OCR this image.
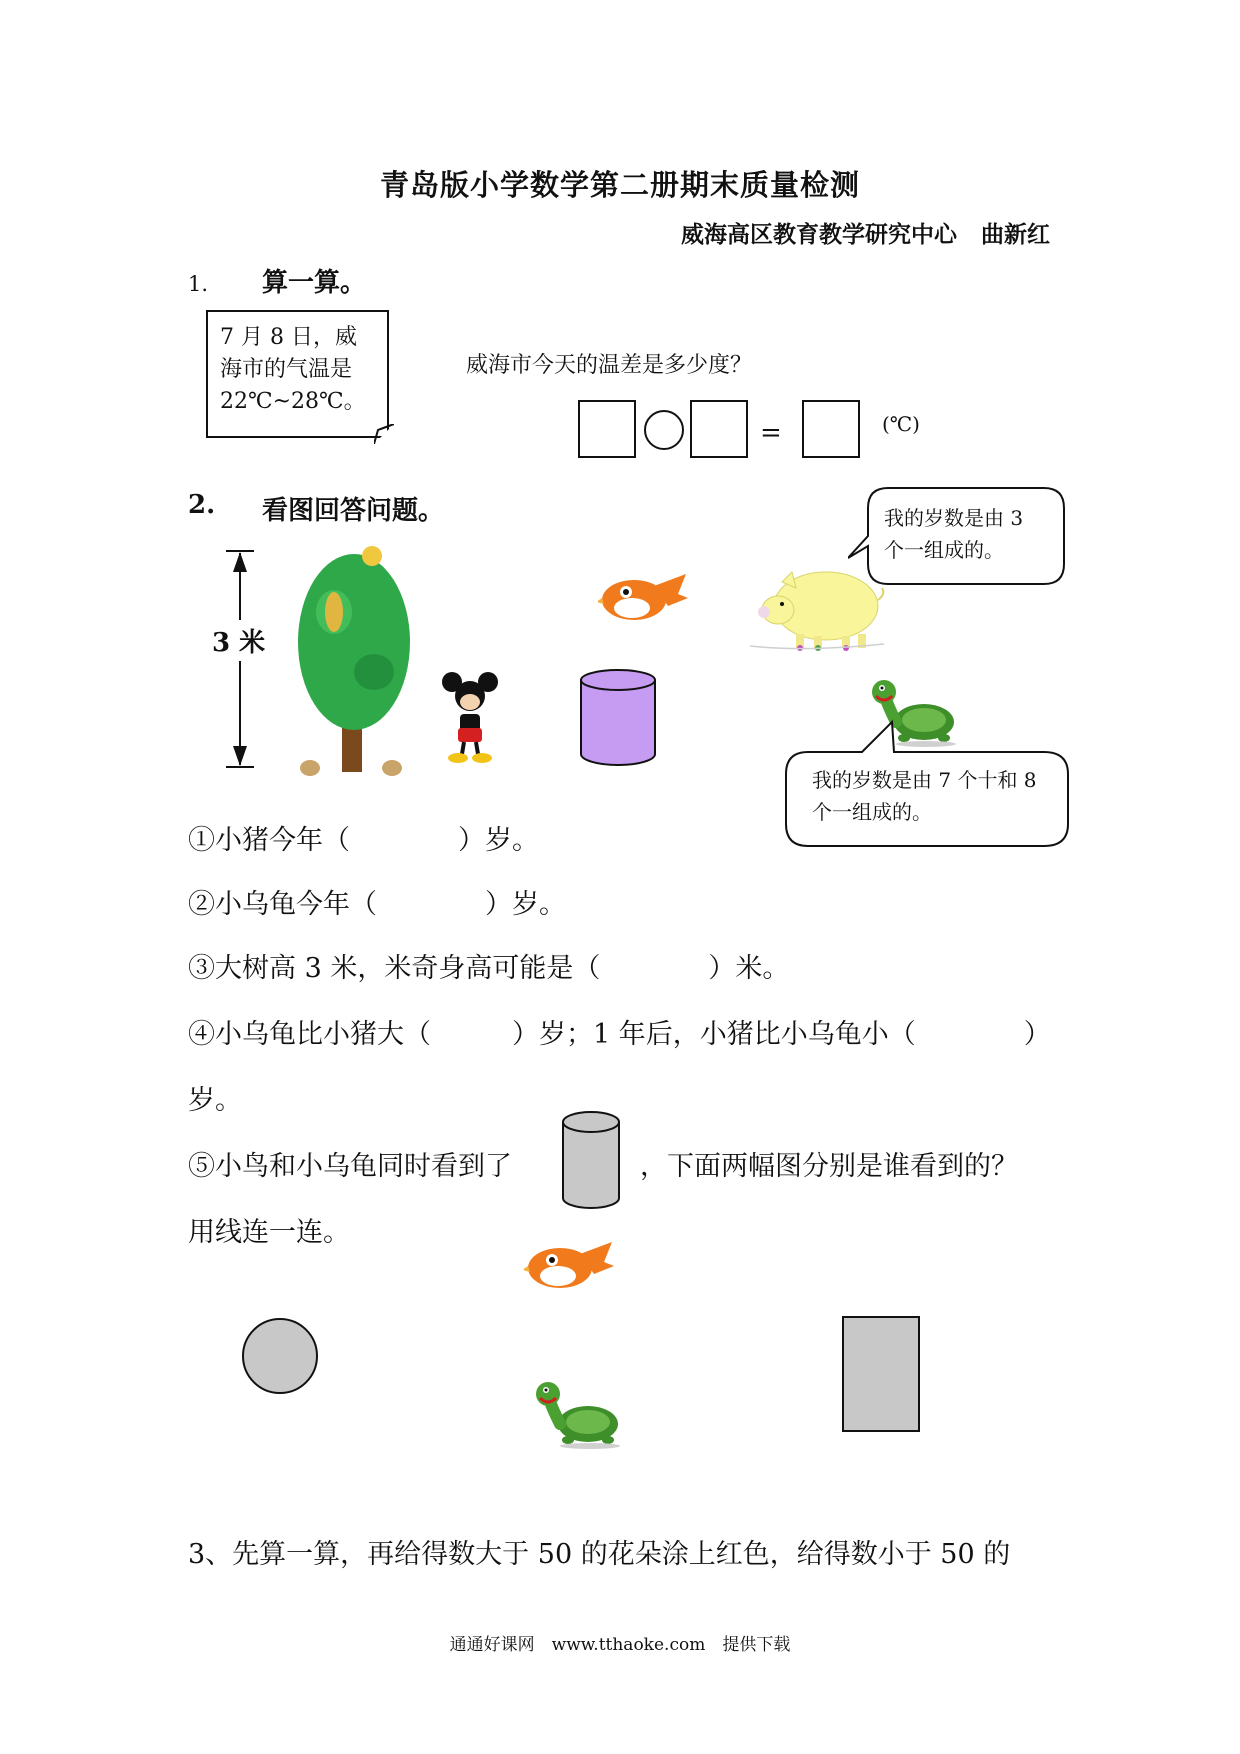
青岛版小学数学第二册期末质量检测
威海高区教育教学研究中心 曲新红
1. 算一算。
7 月 8 日，威
海市的气温是
22℃~28℃。
威海市今天的温差是多少度？
=	(℃)
2. 看图回答问题。
3 米
我的岁数是由 3
个一组成的。
我的岁数是由 7 个十和 8
个一组成的。
①小猪今年（　　　　）岁。
②小乌龟今年（　　　　）岁。
③大树高 3 米，米奇身高可能是（　　　　）米。
④小乌龟比小猪大（　　　）岁；1 年后，小猪比小乌龟小（　　　　）
岁。
⑤小鸟和小乌龟同时看到了	，下面两幅图分别是谁看到的？
用线连一连。
3、先算一算，再给得数大于 50 的花朵涂上红色，给得数小于 50 的
通通好课网　www.tthaoke.com　提供下载
